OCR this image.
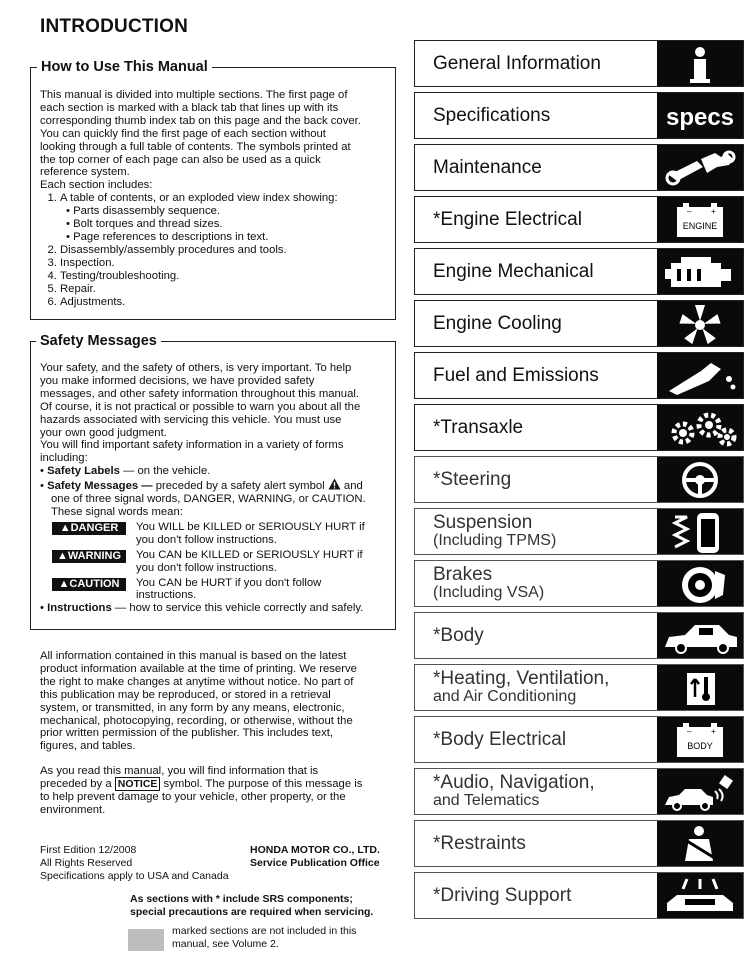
INTRODUCTION
How to Use This Manual

This manual is divided into multiple sections. The first page of

each section is marked with a black tab that lines up with its

corresponding thumb index tab on this page and the back cover.

You can quickly find the first page of each section without

looking through a full table of contents. The symbols printed at

the top corner of each page can also be used as a quick

reference system.

Each section includes:

1. A table of contents, or an exploded view index showing:
• Parts disassembly sequence.
• Bolt torques and thread sizes.
• Page references to descriptions in text.
2. Disassembly/assembly procedures and tools.
3. Inspection.
4. Testing/troubleshooting.
5. Repair.
6. Adjustments.
Safety Messages

Your safety, and the safety of others, is very important. To help

you make informed decisions, we have provided safety

messages, and other safety information throughout this manual.

Of course, it is not practical or possible to warn you about all the

hazards associated with servicing this vehicle. You must use

your own good judgment.

You will find important safety information in a variety of forms

including:

• Safety Labels — on the vehicle.

• Safety Messages — preceded by a safety alert symbol  and

one of three signal words, DANGER, WARNING, or CAUTION.

These signal words mean:

▲DANGER	You WILL be KILLED or SERIOUSLY HURT if

you don't follow instructions.

▲WARNING	You CAN be KILLED or SERIOUSLY HURT if

you don't follow instructions.

▲CAUTION	You CAN be HURT if you don't follow

instructions.

• Instructions — how to service this vehicle correctly and safely.

All information contained in this manual is based on the latest

product information available at the time of printing. We reserve

the right to make changes at anytime without notice. No part of

this publication may be reproduced, or stored in a retrieval

system, or transmitted, in any form by any means, electronic,

mechanical, photocopying, recording, or otherwise, without the

prior written permission of the publisher. This includes text,

figures, and tables.

As you read this manual, you will find information that is

preceded by a NOTICE symbol. The purpose of this message is

to help prevent damage to your vehicle, other property, or the

environment.

First Edition 12/2008
All Rights Reserved
Specifications apply to USA and Canada
HONDA MOTOR CO., LTD.
Service Publication Office
As sections with * include SRS components;
special precautions are required when servicing.
marked sections are not included in this
manual, see Volume 2.
General Information
Specifications	specs
Maintenance
*Engine Electrical	– +
ENGINE
Engine Mechanical
Engine Cooling
Fuel and Emissions
*Transaxle
*Steering
Suspension
(Including TPMS)
Brakes
(Including VSA)
*Body
*Heating, Ventilation,
and Air Conditioning
*Body Electrical	– +
BODY
*Audio, Navigation,
and Telematics
*Restraints
*Driving Support
